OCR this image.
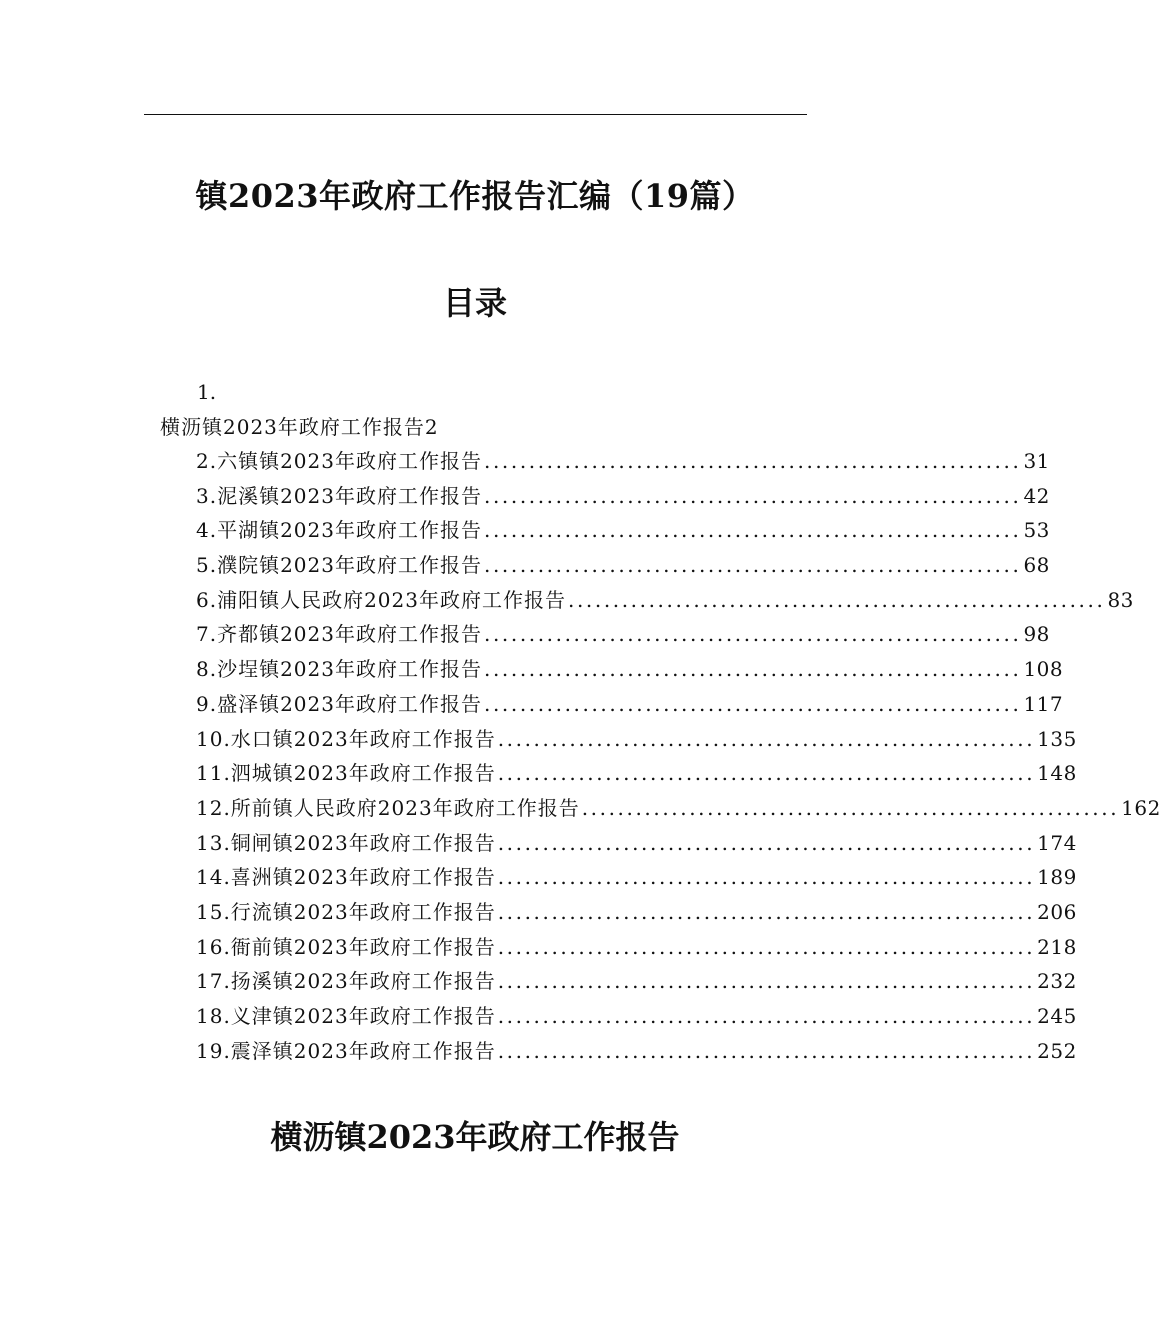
镇2023年政府工作报告汇编（19篇）
目录
1.
横沥镇2023年政府工作报告2
2.六镇镇2023年政府工作报告 ............................................................ 31
3.泥溪镇2023年政府工作报告 ............................................................ 42
4.平湖镇2023年政府工作报告 ............................................................ 53
5.濮院镇2023年政府工作报告 ............................................................ 68
6.浦阳镇人民政府2023年政府工作报告 ............................................................ 83
7.齐都镇2023年政府工作报告 ............................................................ 98
8.沙埕镇2023年政府工作报告 ............................................................ 108
9.盛泽镇2023年政府工作报告 ............................................................ 117
10.水口镇2023年政府工作报告 ............................................................ 135
11.泗城镇2023年政府工作报告 ............................................................ 148
12.所前镇人民政府2023年政府工作报告 ............................................................ 162
13.铜闸镇2023年政府工作报告 ............................................................ 174
14.喜洲镇2023年政府工作报告 ............................................................ 189
15.行流镇2023年政府工作报告 ............................................................ 206
16.衙前镇2023年政府工作报告 ............................................................ 218
17.扬溪镇2023年政府工作报告 ............................................................ 232
18.义津镇2023年政府工作报告 ............................................................ 245
19.震泽镇2023年政府工作报告 ............................................................ 252
横沥镇2023年政府工作报告
